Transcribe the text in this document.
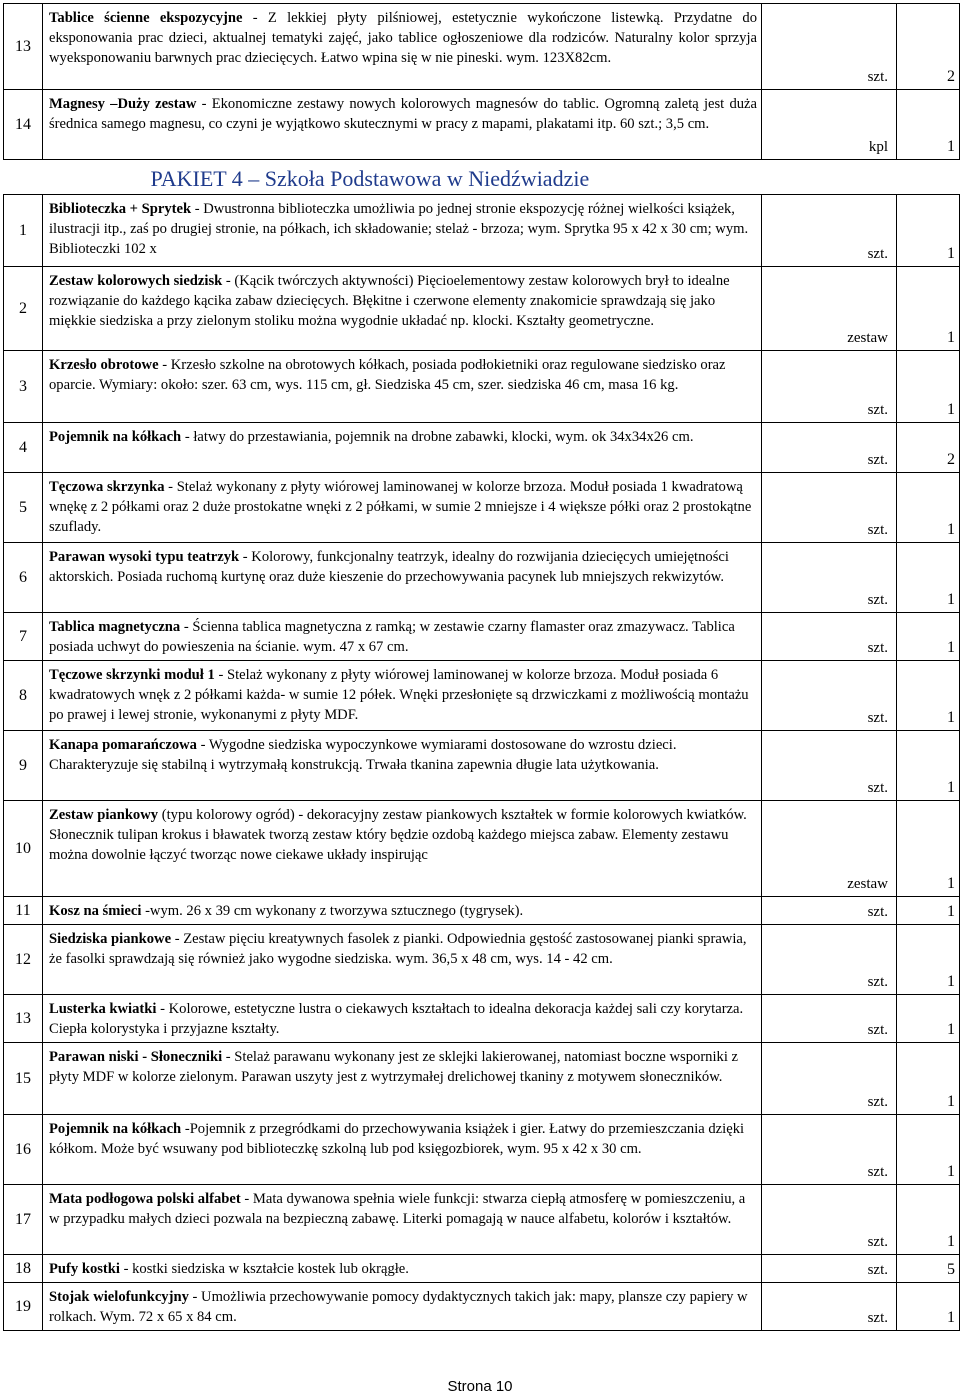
13	Tablice ścienne ekspozycyjne - Z lekkiej płyty pilśniowej, estetycznie wykończone listewką. Przydatne do eksponowania prac dzieci, aktualnej tematyki zajęć, jako tablice ogłoszeniowe dla rodziców. Naturalny kolor sprzyja wyeksponowaniu barwnych prac dziecięcych. Łatwo wpina się w nie pineski. wym. 123X82cm.	szt.	2

14	Magnesy –Duży zestaw - Ekonomiczne zestawy nowych kolorowych magnesów do tablic. Ogromną zaletą jest duża średnica samego magnesu, co czyni je wyjątkowo skutecznymi w pracy z mapami, plakatami itp. 60 szt.; 3,5 cm.	kpl	1

	PAKIET 4 – Szkoła Podstawowa w Niedźwiadzie		
1	Biblioteczka + Sprytek - Dwustronna biblioteczka umożliwia po jednej stronie ekspozycję różnej wielkości książek, ilustracji itp., zaś po drugiej stronie, na półkach, ich składowanie; stelaż - brzoza; wym. Sprytka 95 x 42 x 30 cm; wym. Biblioteczki 102 x	szt.	1

2	Zestaw kolorowych siedzisk - (Kącik twórczych aktywności) Pięcioelementowy zestaw kolorowych brył to idealne rozwiązanie do każdego kącika zabaw dziecięcych. Błękitne i czerwone elementy znakomicie sprawdzają się jako miękkie siedziska a przy zielonym stoliku można wygodnie układać np. klocki. Kształty geometryczne.	zestaw	1

3	Krzesło obrotowe - Krzesło szkolne na obrotowych kółkach, posiada podłokietniki oraz regulowane siedzisko oraz oparcie. Wymiary: około: szer. 63 cm, wys. 115 cm, gł. Siedziska 45 cm, szer. siedziska 46 cm, masa 16 kg.	szt.	1

4	Pojemnik na kółkach - łatwy do przestawiania, pojemnik na drobne zabawki, klocki, wym. ok 34x34x26 cm.	szt.	2

5	Tęczowa skrzynka - Stelaż wykonany z płyty wiórowej laminowanej w kolorze brzoza. Moduł posiada 1 kwadratową wnękę z 2 półkami oraz 2 duże prostokatne wnęki z 2 półkami, w sumie 2 mniejsze i 4 większe półki oraz 2 prostokątne szuflady.	szt.	1

6	Parawan wysoki typu teatrzyk - Kolorowy, funkcjonalny teatrzyk, idealny do rozwijania dziecięcych umiejętności aktorskich. Posiada ruchomą kurtynę oraz duże kieszenie do przechowywania pacynek lub mniejszych rekwizytów.	szt.	1

7	Tablica magnetyczna - Ścienna tablica magnetyczna z ramką; w zestawie czarny flamaster oraz zmazywacz. Tablica posiada uchwyt do powieszenia na ścianie. wym. 47 x 67 cm.	szt.	1

8	Tęczowe skrzynki moduł 1 - Stelaż wykonany z płyty wiórowej laminowanej w kolorze brzoza. Moduł posiada 6 kwadratowych wnęk z 2 półkami każda- w sumie 12 półek. Wnęki przesłonięte są drzwiczkami z możliwością montażu po prawej i lewej stronie, wykonanymi z płyty MDF.	szt.	1

9	Kanapa pomarańczowa - Wygodne siedziska wypoczynkowe wymiarami dostosowane do wzrostu dzieci. Charakteryzuje się stabilną i wytrzymałą konstrukcją. Trwała tkanina zapewnia długie lata użytkowania.	szt.	1

10	Zestaw piankowy (typu kolorowy ogród) - dekoracyjny zestaw piankowych kształtek w formie kolorowych kwiatków. Słonecznik tulipan krokus i bławatek tworzą zestaw który będzie ozdobą każdego miejsca zabaw. Elementy zestawu można dowolnie łączyć tworząc nowe ciekawe układy inspirując	zestaw	1

11	Kosz na śmieci -wym. 26 x 39 cm wykonany z tworzywa sztucznego (tygrysek).	szt.	1

12	Siedziska piankowe - Zestaw pięciu kreatywnych fasolek z pianki. Odpowiednia gęstość zastosowanej pianki sprawia, że fasolki sprawdzają się również jako wygodne siedziska. wym. 36,5 x 48 cm, wys. 14 - 42 cm.	szt.	1

13	Lusterka kwiatki - Kolorowe, estetyczne lustra o ciekawych kształtach to idealna dekoracja każdej sali czy korytarza. Ciepła kolorystyka i przyjazne kształty.	szt.	1

15	Parawan niski - Słoneczniki - Stelaż parawanu wykonany jest ze sklejki lakierowanej, natomiast boczne wsporniki z płyty MDF w kolorze zielonym. Parawan uszyty jest z wytrzymałej drelichowej tkaniny z motywem słoneczników.	szt.	1

16	Pojemnik na kółkach -Pojemnik z przegródkami do przechowywania książek i gier. Łatwy do przemieszczania dzięki kółkom. Może być wsuwany pod biblioteczkę szkolną lub pod księgozbiorek, wym. 95 x 42 x 30 cm.	szt.	1

17	Mata podłogowa polski alfabet - Mata dywanowa spełnia wiele funkcji: stwarza ciepłą atmosferę w pomieszczeniu, a w przypadku małych dzieci pozwala na bezpieczną zabawę. Literki pomagają w nauce alfabetu, kolorów i kształtów.	szt.	1

18	Pufy kostki - kostki siedziska w kształcie kostek lub okrągłe.	szt.	5

19	Stojak wielofunkcyjny - Umożliwia przechowywanie pomocy dydaktycznych takich jak: mapy, plansze czy papiery w rolkach. Wym. 72 x 65 x 84 cm.	szt.	1
Strona 10
